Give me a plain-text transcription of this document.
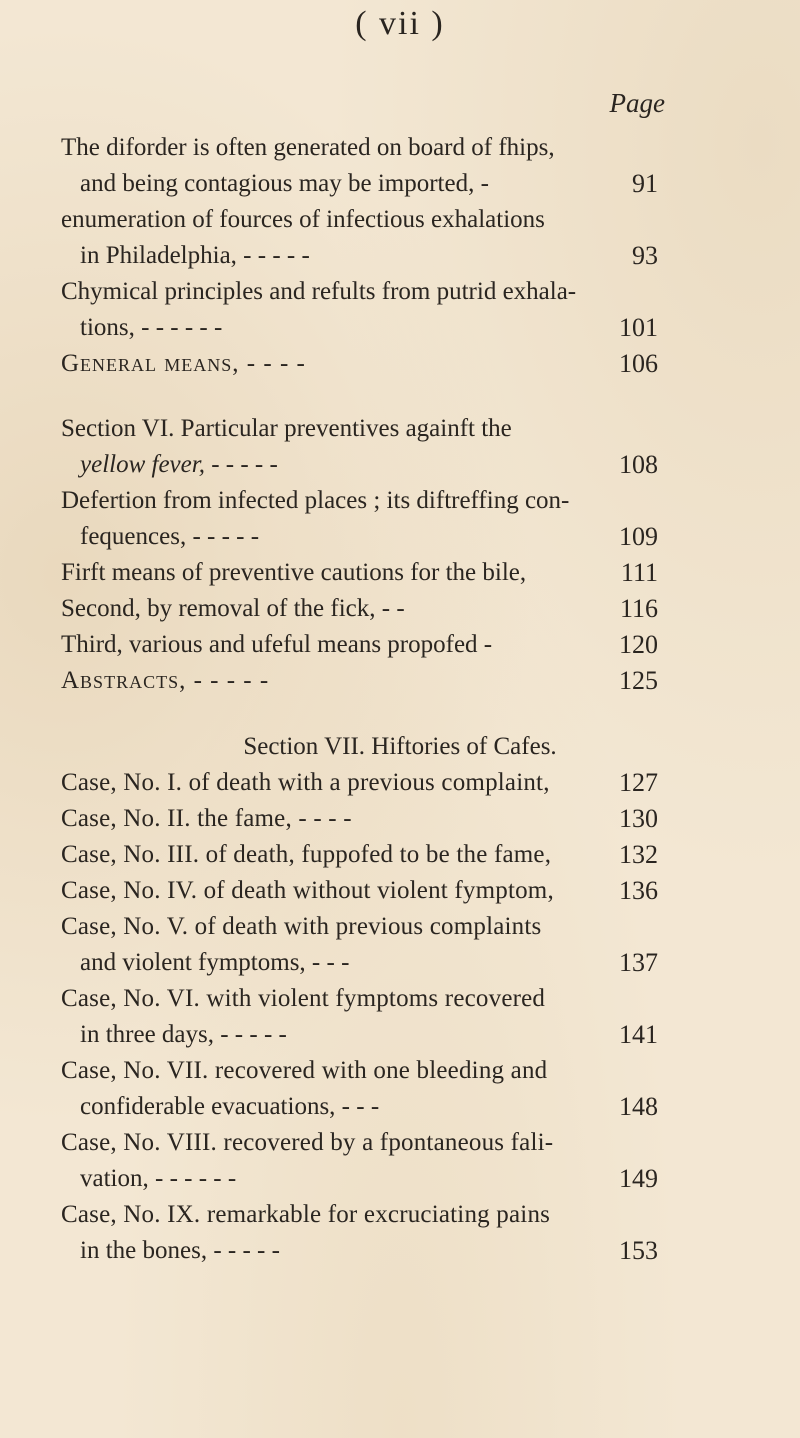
( vii )
Page
The diforder is often generated on board of fhips,
and being contagious may be imported, -	91
enumeration of fources of infectious exhalations
in Philadelphia, - - - - -	93
Chymical principles and refults from putrid exhala-
tions, - - - - - -	101
General means, - - - -	106
Section VI. Particular preventives againft the
yellow fever, - - - - -	108
Defertion from infected places ; its diftreffing con-
fequences, - - - - -	109
Firft means of preventive cautions for the bile,	111
Second, by removal of the fick, - -	116
Third, various and ufeful means propofed -	120
Abstracts, - - - - -	125
Section VII. Hiftories of Cafes.
Case, No. I. of death with a previous complaint,	127
Case, No. II. the fame, - - - -	130
Case, No. III. of death, fuppofed to be the fame,	132
Case, No. IV. of death without violent fymptom,	136
Case, No. V. of death with previous complaints
and violent fymptoms, - - -	137
Case, No. VI. with violent fymptoms recovered
in three days, - - - - -	141
Case, No. VII. recovered with one bleeding and
confiderable evacuations, - - -	148
Case, No. VIII. recovered by a fpontaneous fali-
vation, - - - - - -	149
Case, No. IX. remarkable for excruciating pains
in the bones, - - - - -	153
